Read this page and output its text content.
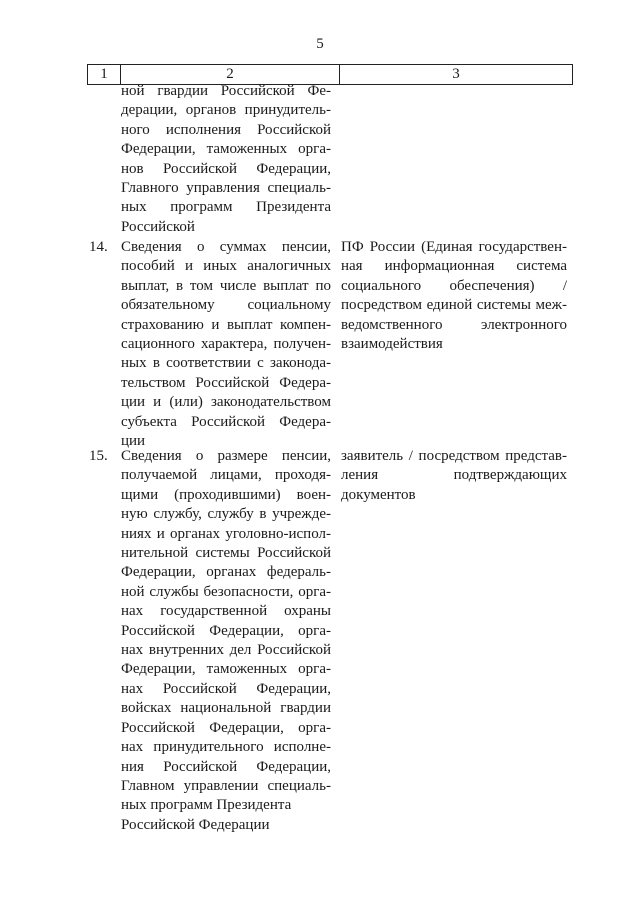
5
1	2	3
ной гвардии Российской Фе-
дерации, органов принудитель-
ного исполнения Российской
Федерации, таможенных орга-
нов Российской Федерации,
Главного управления специаль-
ных программ Президента
Российской
14. Сведения о суммах пенсии,
пособий и иных аналогичных
выплат, в том числе выплат по
обязательному социальному
страхованию и выплат компен-
сационного характера, получен-
ных в соответствии с законода-
тельством Российской Федера-
ции и (или) законодательством
субъекта Российской Федера-
ции
ПФ России (Единая государствен-
ная информационная система
социального обеспечения) /
посредством единой системы меж-
ведомственного электронного
взаимодействия
15. Сведения о размере пенсии,
получаемой лицами, проходя-
щими (проходившими) воен-
ную службу, службу в учрежде-
ниях и органах уголовно-испол-
нительной системы Российской
Федерации, органах федераль-
ной службы безопасности, орга-
нах государственной охраны
Российской Федерации, орга-
нах внутренних дел Российской
Федерации, таможенных орга-
нах Российской Федерации,
войсках национальной гвардии
Российской Федерации, орга-
нах принудительного исполне-
ния Российской Федерации,
Главном управлении специаль-
ных программ Президента
Российской Федерации
заявитель / посредством представ-
ления подтверждающих
документов
